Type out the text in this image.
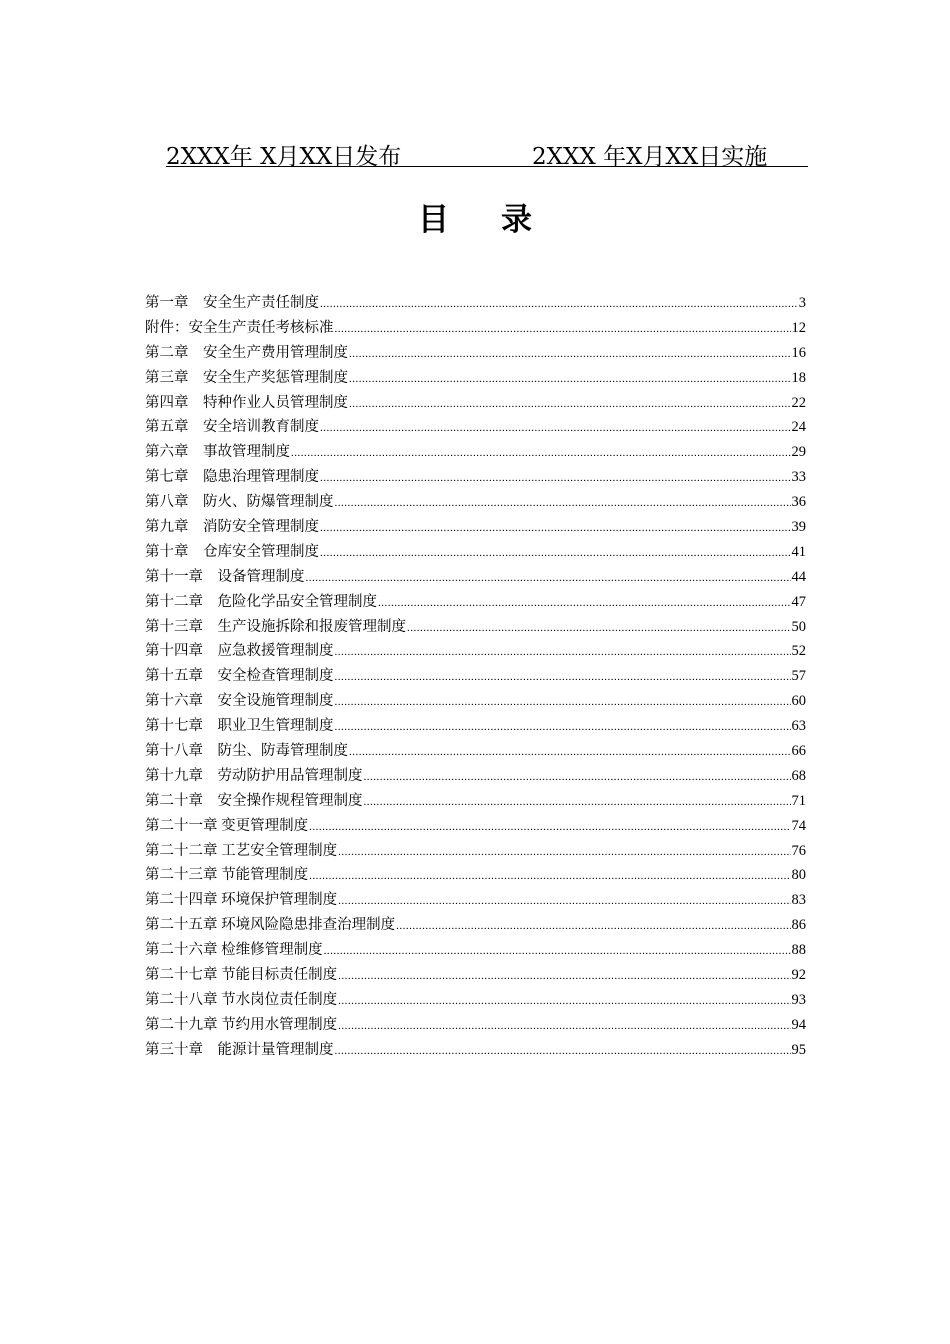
2XXX年 X月XX日发布	2XXX 年X月XX日实施
目录
第一章　安全生产责任制度 .....	3
附件：安全生产责任考核标准 .....	12
第二章　安全生产费用管理制度 .....	16
第三章　安全生产奖惩管理制度 .....	18
第四章　特种作业人员管理制度 .....	22
第五章　安全培训教育制度 .....	24
第六章　事故管理制度 .....	29
第七章　隐患治理管理制度 .....	33
第八章　防火、防爆管理制度 .....	36
第九章　消防安全管理制度 .....	39
第十章　仓库安全管理制度 .....	41
第十一章　设备管理制度 .....	44
第十二章　危险化学品安全管理制度 .....	47
第十三章　生产设施拆除和报废管理制度 .....	50
第十四章　应急救援管理制度 .....	52
第十五章　安全检查管理制度 .....	57
第十六章　安全设施管理制度 .....	60
第十七章　职业卫生管理制度 .....	63
第十八章　防尘、防毒管理制度 .....	66
第十九章　劳动防护用品管理制度 .....	68
第二十章　安全操作规程管理制度 .....	71
第二十一章 变更管理制度 .....	74
第二十二章 工艺安全管理制度 .....	76
第二十三章 节能管理制度 .....	80
第二十四章 环境保护管理制度 .....	83
第二十五章 环境风险隐患排查治理制度 .....	86
第二十六章 检维修管理制度 .....	88
第二十七章 节能目标责任制度 .....	92
第二十八章 节水岗位责任制度 .....	93
第二十九章 节约用水管理制度 .....	94
第三十章　能源计量管理制度 .....	95
